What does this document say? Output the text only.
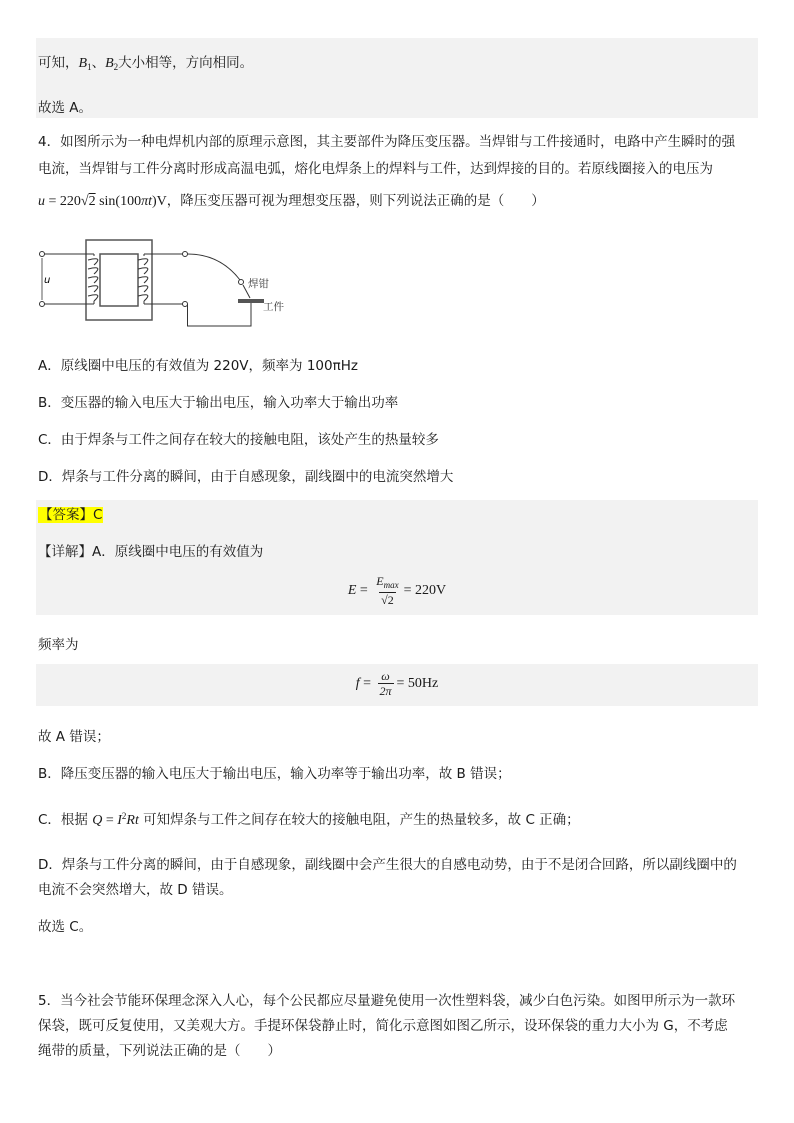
可知，$B_1$、$B_2$大小相等，方向相同。
故选 A。
4．如图所示为一种电焊机内部的原理示意图，其主要部件为降压变压器。当焊钳与工件接通时，电路中产生瞬时的强
电流，当焊钳与工件分离时形成高温电弧，熔化电焊条上的焊料与工件，达到焊接的目的。若原线圈接入的电压为
u = 220√2 sin(100πt)V，降压变压器可视为理想变压器，则下列说法正确的是（　　）
u	焊钳
工件
A．原线圈中电压的有效值为 220V，频率为 100πHz
B．变压器的输入电压大于输出电压，输入功率大于输出功率
C．由于焊条与工件之间存在较大的接触电阻，该处产生的热量较多
D．焊条与工件分离的瞬间，由于自感现象，副线圈中的电流突然增大
【答案】C
【详解】A．原线圈中电压的有效值为
$E = \frac{E_{max}}{√2} = 220V$
频率为
$f = \frac{\omega}{2\pi} = 50Hz$
故 A 错误；
B．降压变压器的输入电压大于输出电压，输入功率等于输出功率，故 B 错误；
C．根据 $Q = I^2Rt$ 可知焊条与工件之间存在较大的接触电阻，产生的热量较多，故 C 正确；
D．焊条与工件分离的瞬间，由于自感现象，副线圈中会产生很大的自感电动势，由于不是闭合回路，所以副线圈中的
电流不会突然增大，故 D 错误。
故选 C。
5．当今社会节能环保理念深入人心，每个公民都应尽量避免使用一次性塑料袋，减少白色污染。如图甲所示为一款环
保袋，既可反复使用，又美观大方。手提环保袋静止时，简化示意图如图乙所示，设环保袋的重力大小为 G，不考虑
绳带的质量，下列说法正确的是（　　）
